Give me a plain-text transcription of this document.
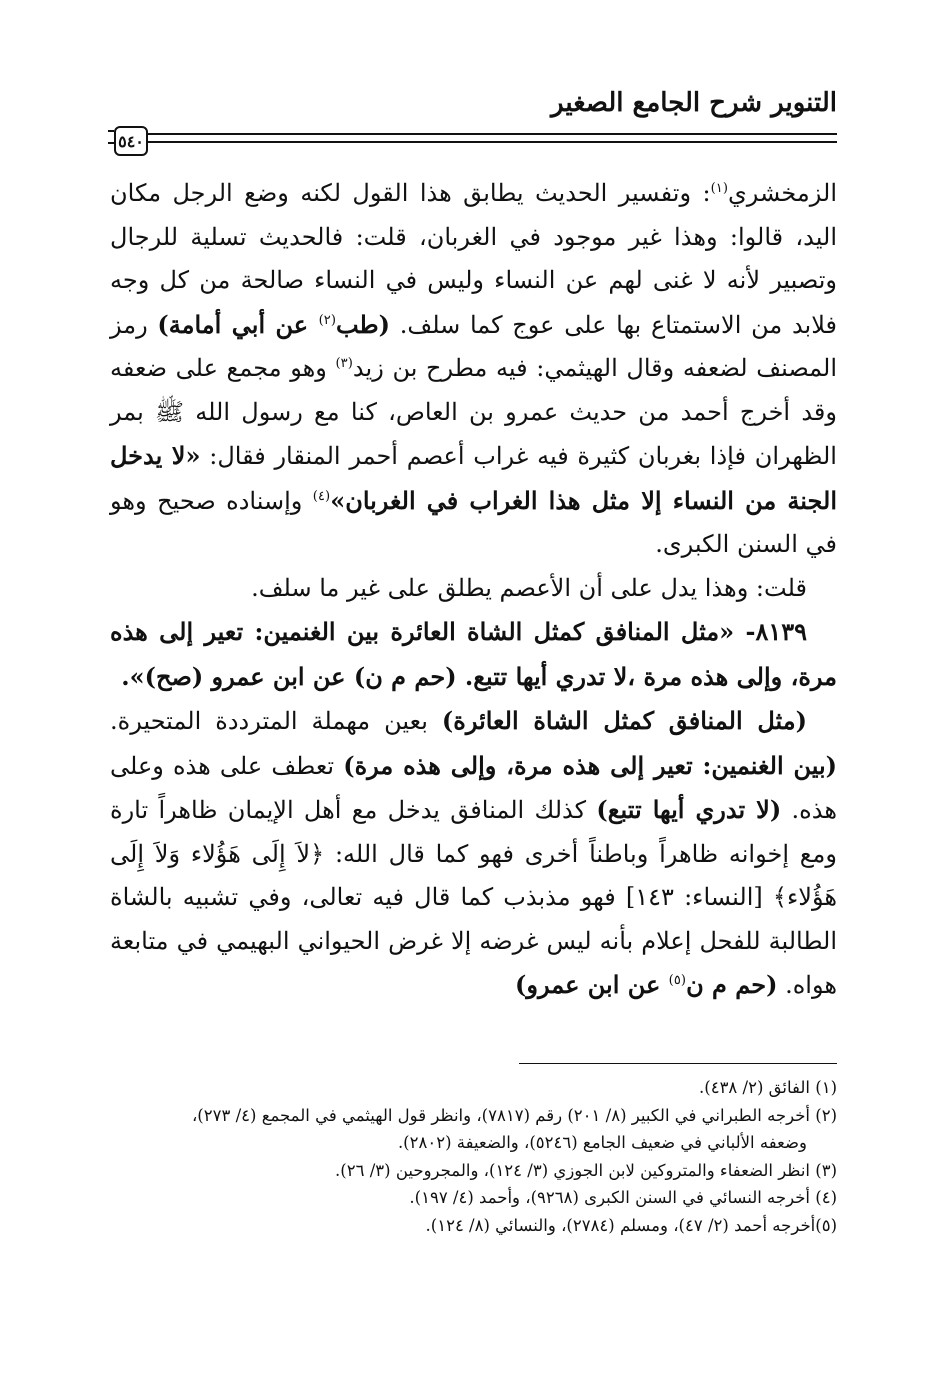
التنوير شرح الجامع الصغير
٥٤٠

الزمخشري$^{(١)}$: وتفسير الحديث يطابق هذا القول لكنه وضع الرجل مكان اليد، قالوا: وهذا غير موجود في الغربان، قلت: فالحديث تسلية للرجال وتصبير لأنه لا غنى لهم عن النساء وليس في النساء صالحة من كل وجه فلابد من الاستمتاع بها على عوج كما سلف. (طب$^{(٢)}$ عن أبي أمامة) رمز المصنف لضعفه وقال الهيثمي: فيه مطرح بن زيد$^{(٣)}$ وهو مجمع على ضعفه وقد أخرج أحمد من حديث عمرو بن العاص، كنا مع رسول الله ﷺ بمر الظهران فإذا بغربان كثيرة فيه غراب أعصم أحمر المنقار فقال: «لا يدخل الجنة من النساء إلا مثل هذا الغراب في الغربان»$^{(٤)}$ وإسناده صحيح وهو في السنن الكبرى.

قلت: وهذا يدل على أن الأعصم يطلق على غير ما سلف.

٨١٣٩- «مثل المنافق كمثل الشاة العائرة بين الغنمين: تعير إلى هذه مرة، وإلى هذه مرة ،لا تدري أيها تتبع. (حم م ن) عن ابن عمرو (صح)».

(مثل المنافق كمثل الشاة العائرة) بعين مهملة المترددة المتحيرة. (بين الغنمين: تعير إلى هذه مرة، وإلى هذه مرة) تعطف على هذه وعلى هذه. (لا تدري أيها تتبع) كذلك المنافق يدخل مع أهل الإيمان ظاهراً تارة ومع إخوانه ظاهراً وباطناً أخرى فهو كما قال الله: ﴿لاَ إِلَى هَؤُلاء وَلاَ إِلَى هَؤُلاء﴾ [النساء: ١٤٣] فهو مذبذب كما قال فيه تعالى، وفي تشبيه بالشاة الطالبة للفحل إعلام بأنه ليس غرضه إلا غرض الحيواني البهيمي في متابعة هواه. (حم م ن$^{(٥)}$ عن ابن عمرو)

(١) الفائق (٢/ ٤٣٨).

(٢) أخرجه الطبراني في الكبير (٨/ ٢٠١) رقم (٧٨١٧)، وانظر قول الهيثمي في المجمع (٤/ ٢٧٣)،

وضعفه الألباني في ضعيف الجامع (٥٢٤٦)، والضعيفة (٢٨٠٢).

(٣) انظر الضعفاء والمتروكين لابن الجوزي (٣/ ١٢٤)، والمجروحين (٣/ ٢٦).

(٤) أخرجه النسائي في السنن الكبرى (٩٢٦٨)، وأحمد (٤/ ١٩٧).

(٥)أخرجه أحمد (٢/ ٤٧)، ومسلم (٢٧٨٤)، والنسائي (٨/ ١٢٤).
